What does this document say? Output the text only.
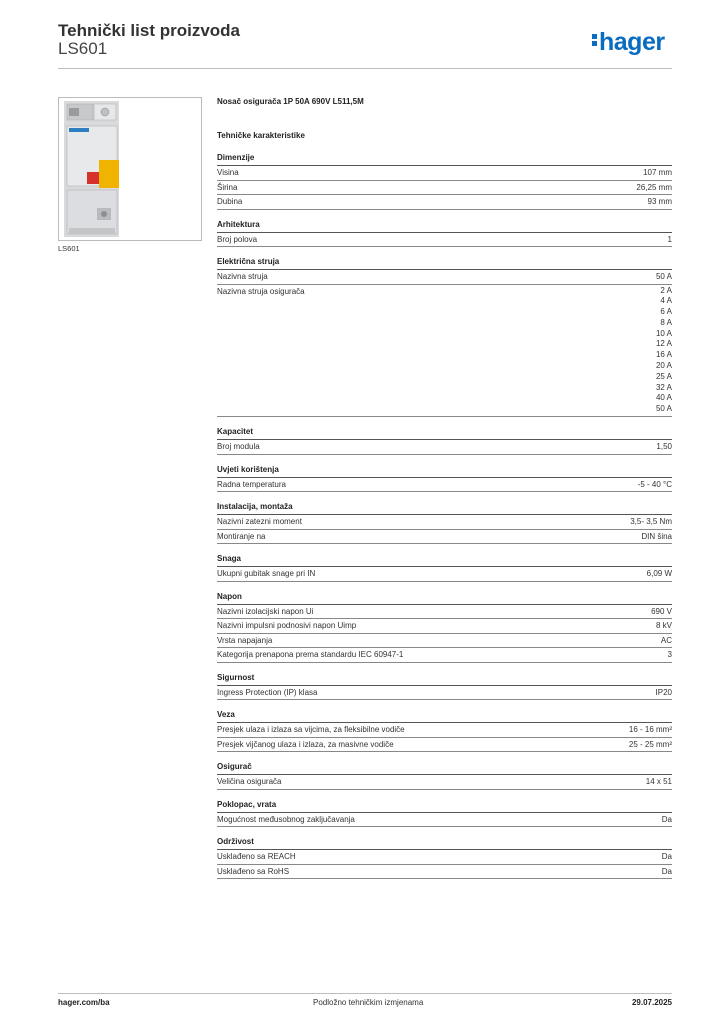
Tehnički list proizvoda
LS601	hager
LS601
Nosač osigurača 1P 50A 690V L511,5M
Tehničke karakteristike
Dimenzije
Visina	107 mm
Širina	26,25 mm
Dubina	93 mm
Arhitektura
Broj polova	1
Električna struja
Nazivna struja	50 A
Nazivna struja osigurača	2 A
4 A
6 A
8 A
10 A
12 A
16 A
20 A
25 A
32 A
40 A
50 A
Kapacitet
Broj modula	1,50
Uvjeti korištenja
Radna temperatura	-5 - 40 °C
Instalacija, montaža
Nazivni zatezni moment	3,5- 3,5 Nm
Montiranje na	DIN šina
Snaga
Ukupni gubitak snage pri IN	6,09 W
Napon
Nazivni izolacijski napon Ui	690 V
Nazivni impulsni podnosivi napon Uimp	8 kV
Vrsta napajanja	AC
Kategorija prenapona prema standardu IEC 60947-1	3
Sigurnost
Ingress Protection (IP) klasa	IP20
Veza
Presjek ulaza i izlaza sa vijcima, za fleksibilne vodiče	16 - 16 mm²
Presjek vijčanog ulaza i izlaza, za masivne vodiče	25 - 25 mm²
Osigurač
Veličina osigurača	14 x 51
Poklopac, vrata
Mogućnost međusobnog zaključavanja	Da
Održivost
Usklađeno sa REACH	Da
Usklađeno sa RoHS	Da
hager.com/ba	Podložno tehničkim izmjenama	29.07.2025
